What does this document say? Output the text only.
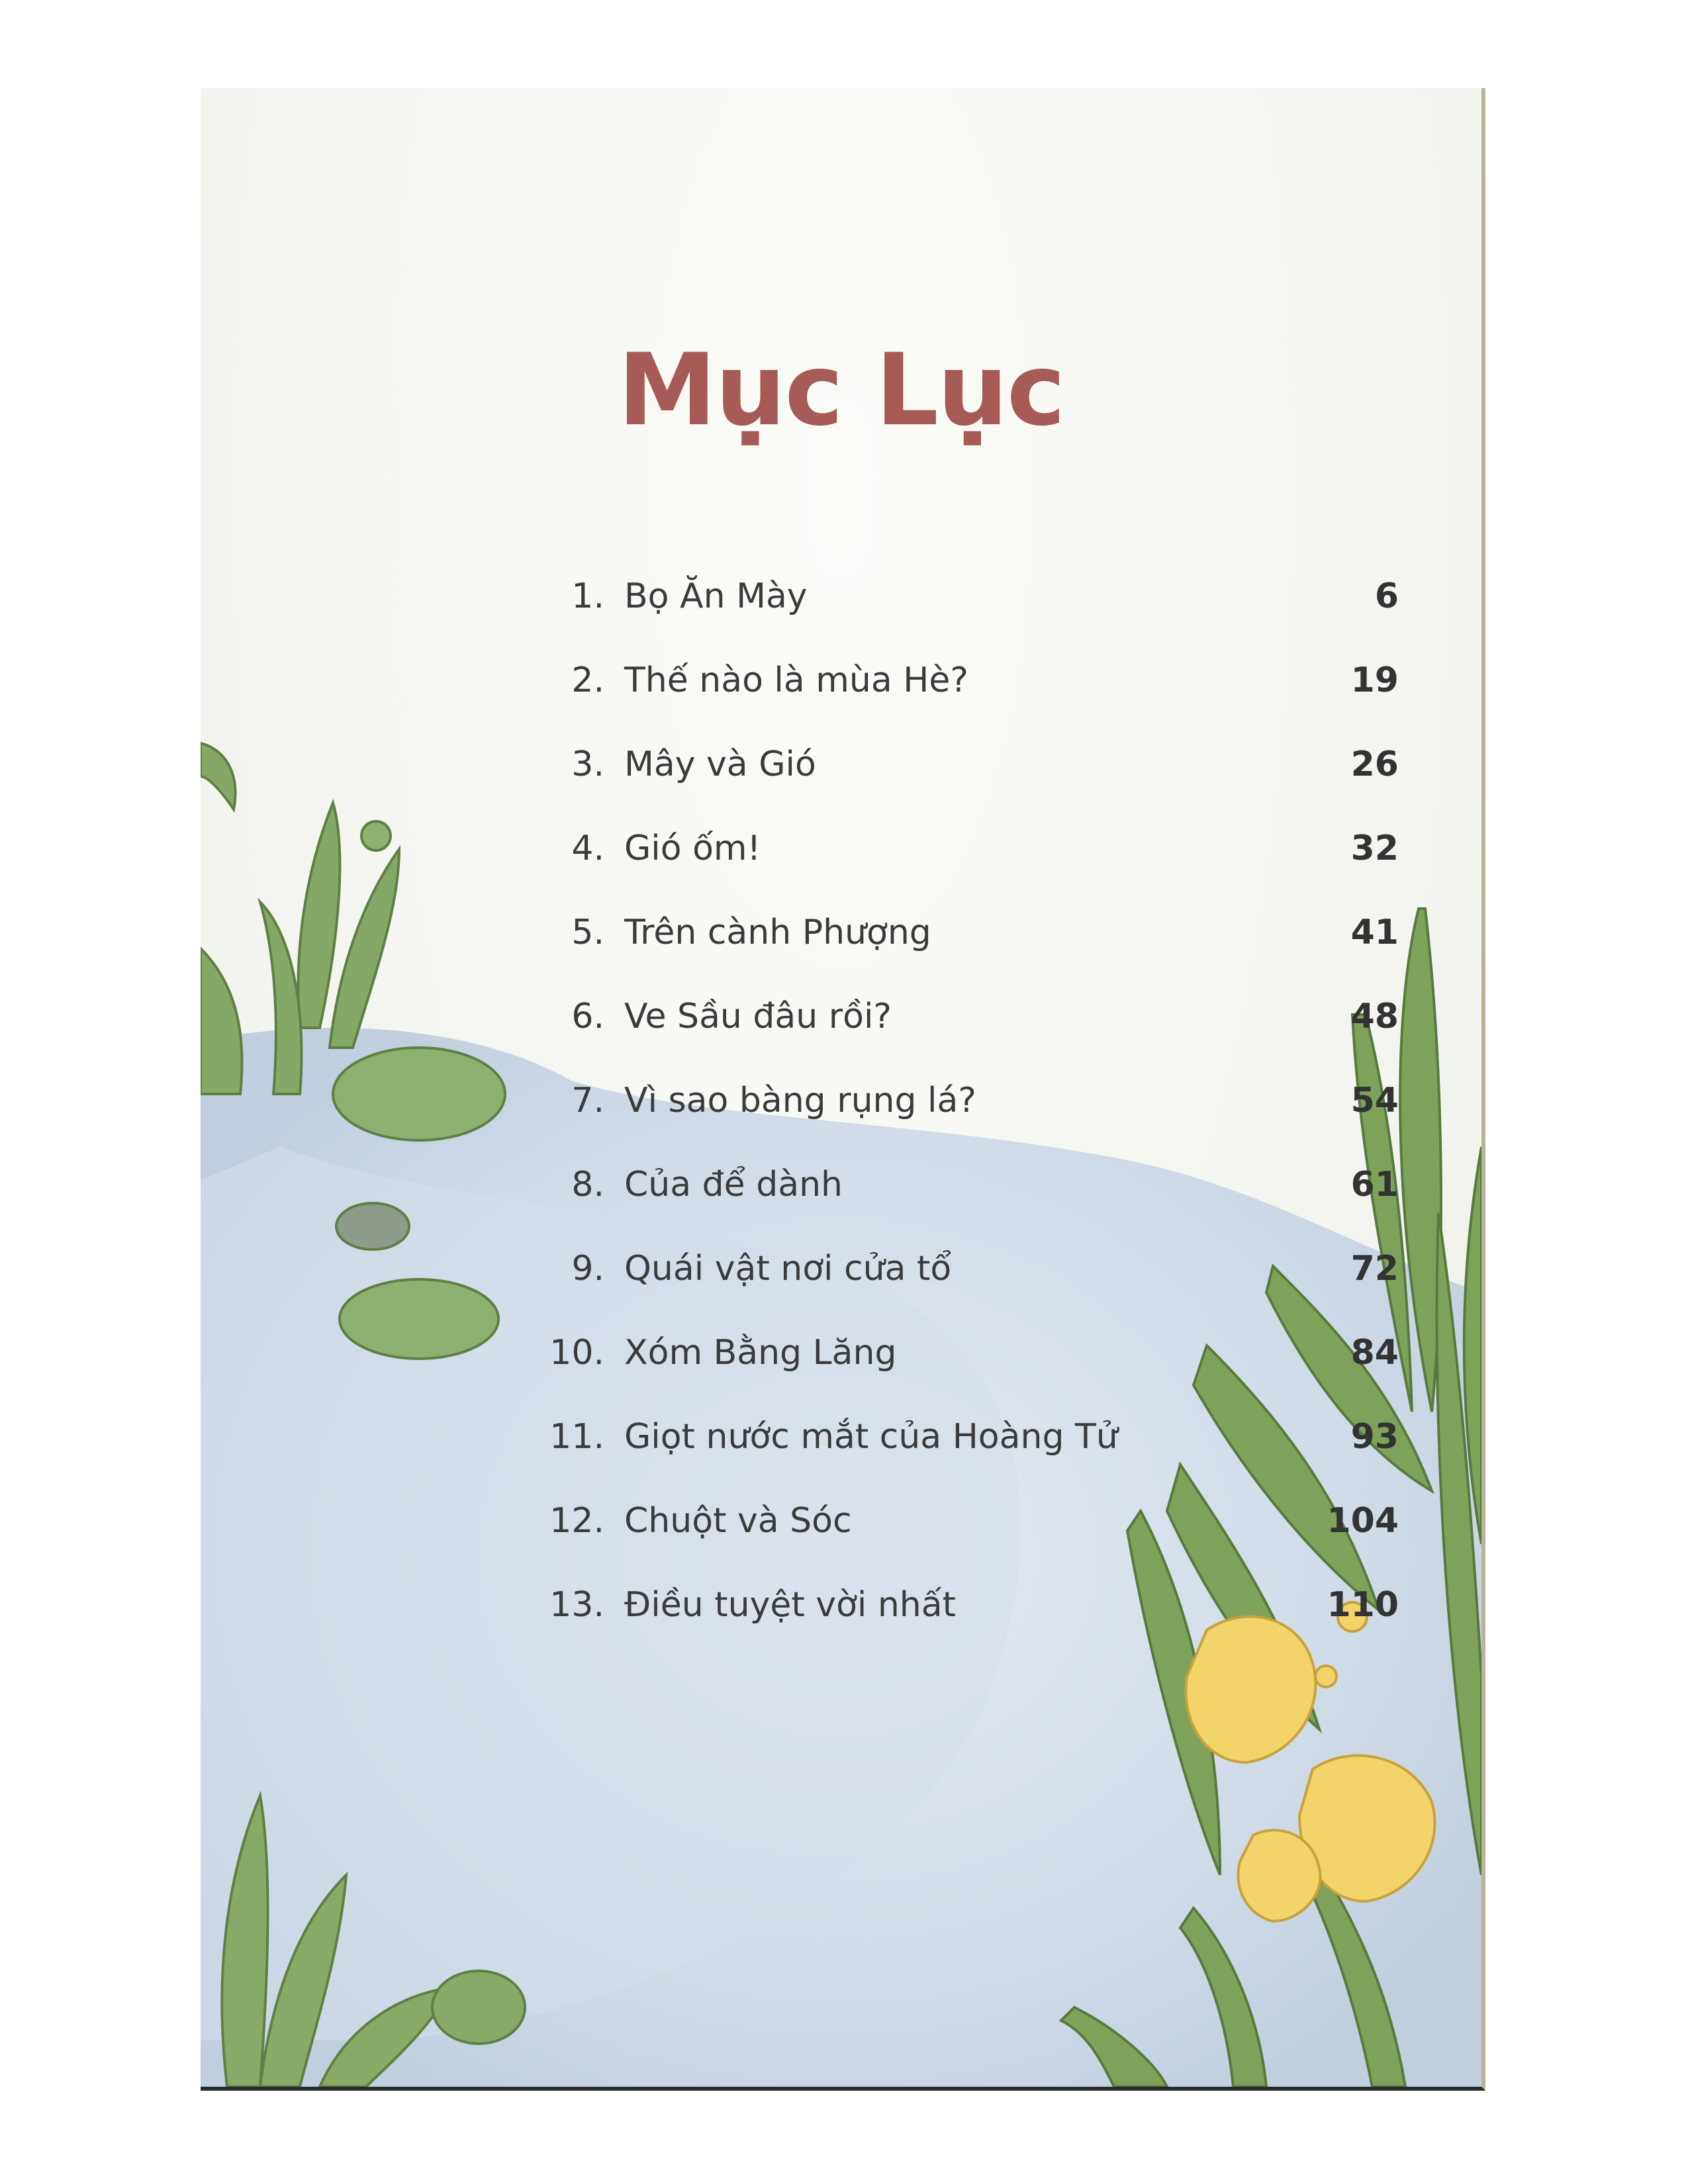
Mục Lục
1. Bọ Ăn Mày	6
2. Thế nào là mùa Hè?	19
3. Mây và Gió	26
4. Gió ốm!	32
5. Trên cành Phượng	41
6. Ve Sầu đâu rồi?	48
7. Vì sao bàng rụng lá?	54
8. Của để dành	61
9. Quái vật nơi cửa tổ	72
10. Xóm Bằng Lăng	84
11. Giọt nước mắt của Hoàng Tử	93
12. Chuột và Sóc	104
13. Điều tuyệt vời nhất	110
